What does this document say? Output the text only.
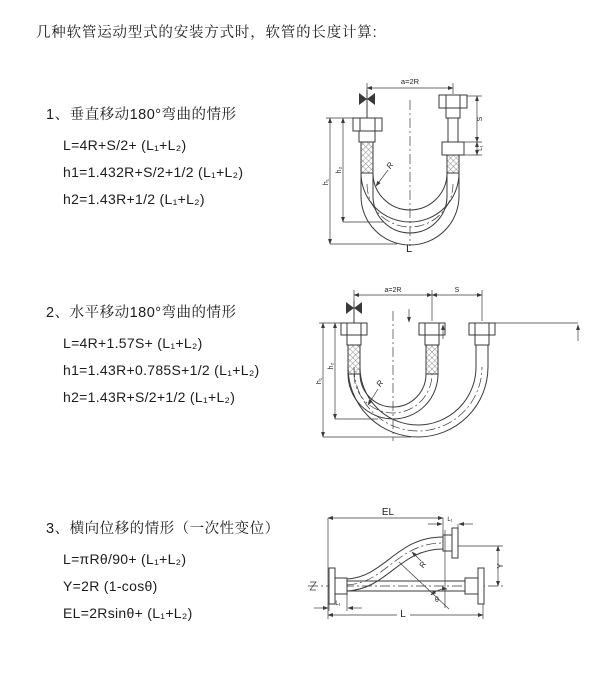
几种软管运动型式的安装方式时，软管的长度计算:
1、垂直移动180°弯曲的情形
L=4R+S/2+ (L₁+L₂)
h1=1.432R+S/2+1/2 (L₁+L₂)
h2=1.43R+1/2 (L₁+L₂)
a=2R
S
L₁
h₂
h₁
R
L
2、水平移动180°弯曲的情形
L=4R+1.57S+ (L₁+L₂)
h1=1.43R+0.785S+1/2 (L₁+L₂)
h2=1.43R+S/2+1/2 (L₁+L₂)
a=2R	S
h₂
h₁	R
3、横向位移的情形（一次性变位）
L=πRθ/90+ (L₁+L₂)
Y=2R (1-cosθ)
EL=2Rsinθ+ (L₁+L₂)
EL
L₁
Y
θ
R
L₁
L
